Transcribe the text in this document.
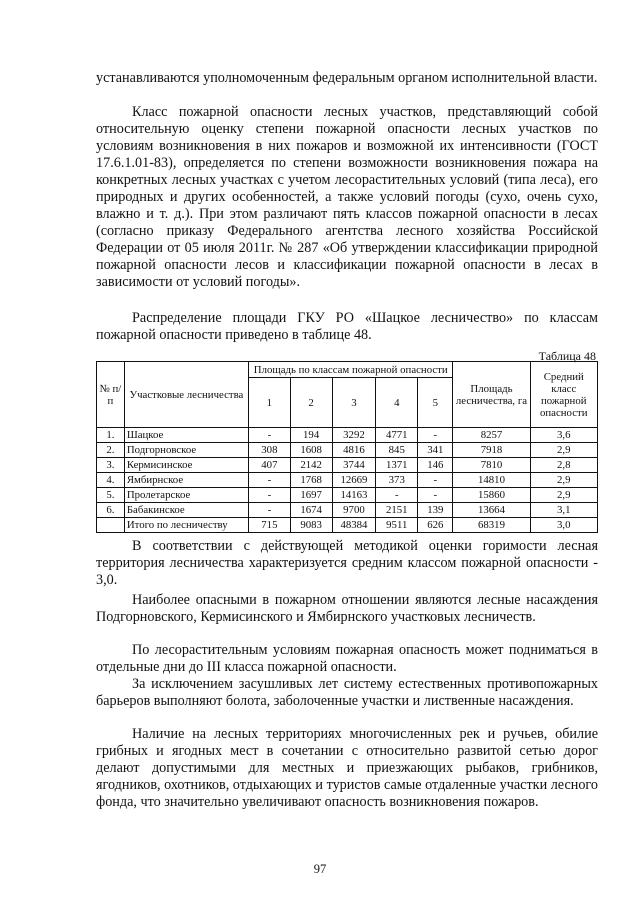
устанавливаются уполномоченным федеральным органом исполнительной власти.

Класс пожарной опасности лесных участков, представляющий собой относительную оценку степени пожарной опасности лесных участков по условиям возникновения в них пожаров и возможной их интенсивности (ГОСТ 17.6.1.01-83), определяется по степени возможности возникновения пожара на конкретных лесных участках с учетом лесорастительных условий (типа леса), его природных и других особенностей, а также условий погоды (сухо, очень сухо, влажно и т. д.). При этом различают пять классов пожарной опасности в лесах (согласно приказу Федерального агентства лесного хозяйства Российской Федерации от 05 июля 2011г. № 287 «Об утверждении классификации природной пожарной опасности лесов и классификации пожарной опасности в лесах в зависимости от условий погоды».

Распределение площади ГКУ РО «Шацкое лесничество» по классам пожарной опасности приведено в таблице 48.

Таблица 48
№ п/п	Участковые лесничества	Площадь по классам пожарной опасности					Площадь лесничества, га	Средний класс пожарной опасности
		1	2	3	4	5		
1.	Шацкое	-	194	3292	4771	-	8257	3,6
2.	Подгорновское	308	1608	4816	845	341	7918	2,9
3.	Кермисинское	407	2142	3744	1371	146	7810	2,8
4.	Ямбирнское	-	1768	12669	373	-	14810	2,9
5.	Пролетарское	-	1697	14163	-	-	15860	2,9
6.	Бабакинское	-	1674	9700	2151	139	13664	3,1
	Итого по лесничеству	715	9083	48384	9511	626	68319	3,0

В соответствии с действующей методикой оценки горимости лесная территория лесничества характеризуется средним классом пожарной опасности - 3,0.

Наиболее опасными в пожарном отношении являются лесные насаждения Подгорновского, Кермисинского и Ямбирнского участковых лесничеств.

По лесорастительным условиям пожарная опасность может подниматься в отдельные дни до III класса пожарной опасности.

За исключением засушливых лет систему естественных противопожарных барьеров выполняют болота, заболоченные участки и лиственные насаждения.

Наличие на лесных территориях многочисленных рек и ручьев, обилие грибных и ягодных мест в сочетании с относительно развитой сетью дорог делают допустимыми для местных и приезжающих рыбаков, грибников, ягодников, охотников, отдыхающих и туристов самые отдаленные участки лесного фонда, что значительно увеличивают опасность возникновения пожаров.

97
